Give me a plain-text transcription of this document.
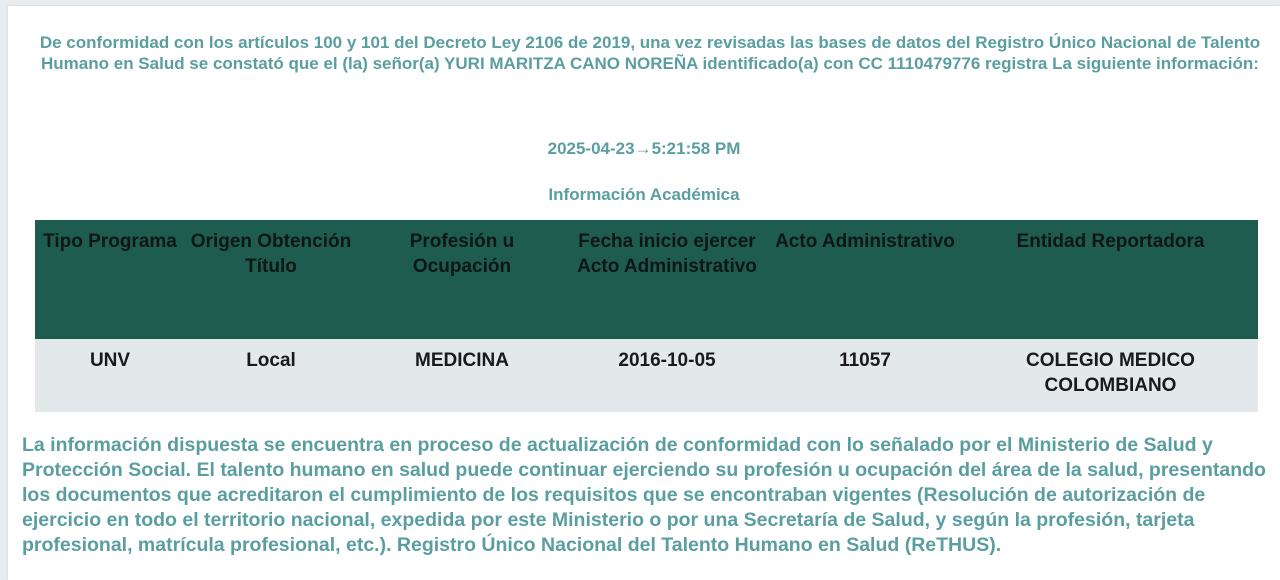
De conformidad con los artículos 100 y 101 del Decreto Ley 2106 de 2019, una vez revisadas las bases de datos del Registro Único Nacional de Talento Humano en Salud se constató que el (la) señor(a) YURI MARITZA CANO NOREÑA identificado(a) con CC 1110479776 registra La siguiente información:
2025-04-23→5:21:58 PM
Información Académica
Tipo Programa	Origen Obtención Título	Profesión u Ocupación	Fecha inicio ejercer Acto Administrativo	Acto Administrativo	Entidad Reportadora
UNV	Local	MEDICINA	2016-10-05	11057	COLEGIO MEDICO COLOMBIANO
La información dispuesta se encuentra en proceso de actualización de conformidad con lo señalado por el Ministerio de Salud y Protección Social. El talento humano en salud puede continuar ejerciendo su profesión u ocupación del área de la salud, presentando los documentos que acreditaron el cumplimiento de los requisitos que se encontraban vigentes (Resolución de autorización de ejercicio en todo el territorio nacional, expedida por este Ministerio o por una Secretaría de Salud, y según la profesión, tarjeta profesional, matrícula profesional, etc.). Registro Único Nacional del Talento Humano en Salud (ReTHUS).
